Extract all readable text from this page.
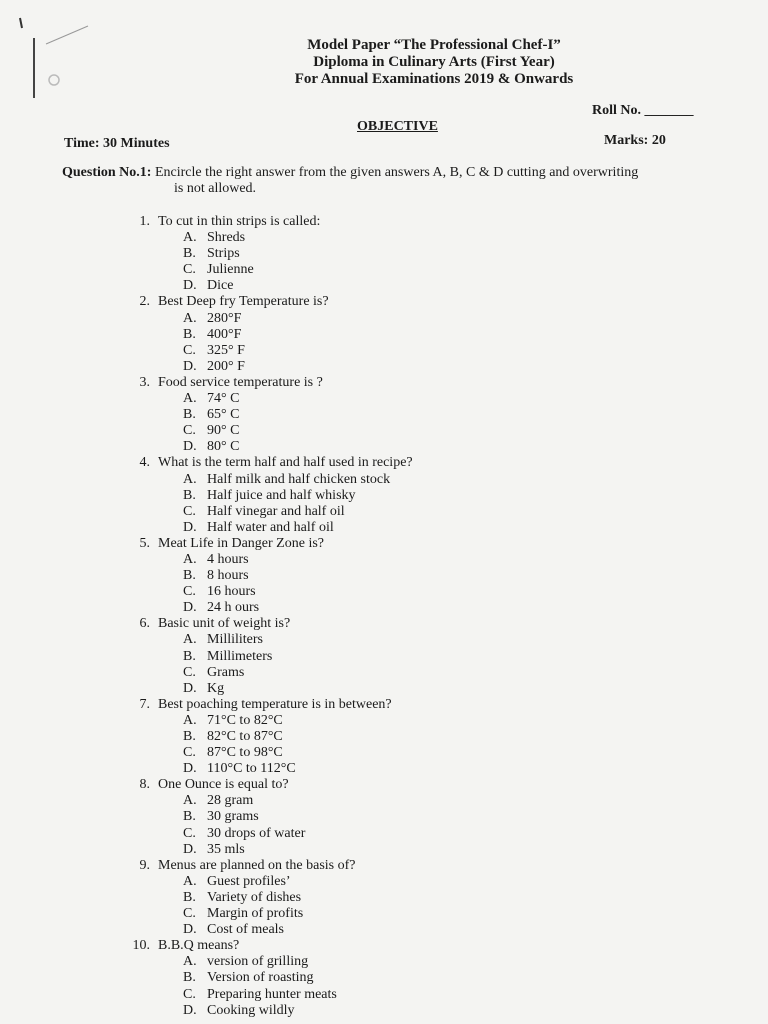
Model Paper “The Professional Chef-I”
Diploma in Culinary Arts (First Year)
For Annual Examinations 2019 & Onwards
Roll No. _______
OBJECTIVE
Time: 30 Minutes	Marks: 20
Question No.1: Encircle the right answer from the given answers A, B, C & D cutting and overwriting
is not allowed.
1. To cut in thin strips is called:
A. Shreds
B. Strips
C. Julienne
D. Dice
2. Best Deep fry Temperature is?
A. 280°F
B. 400°F
C. 325° F
D. 200° F
3. Food service temperature is ?
A. 74° C
B. 65° C
C. 90° C
D. 80° C
4. What is the term half and half used in recipe?
A. Half milk and half chicken stock
B. Half juice and half whisky
C. Half vinegar and half oil
D. Half water and half oil
5. Meat Life in Danger Zone is?
A. 4 hours
B. 8 hours
C. 16 hours
D. 24 h ours
6. Basic unit of weight is?
A. Milliliters
B. Millimeters
C. Grams
D. Kg
7. Best poaching temperature is in between?
A. 71°C to 82°C
B. 82°C to 87°C
C. 87°C to 98°C
D. 110°C to 112°C
8. One Ounce is equal to?
A. 28 gram
B. 30 grams
C. 30 drops of water
D. 35 mls
9. Menus are planned on the basis of?
A. Guest profiles’
B. Variety of dishes
C. Margin of profits
D. Cost of meals
10. B.B.Q means?
A. version of grilling
B. Version of roasting
C. Preparing hunter meats
D. Cooking wildly
